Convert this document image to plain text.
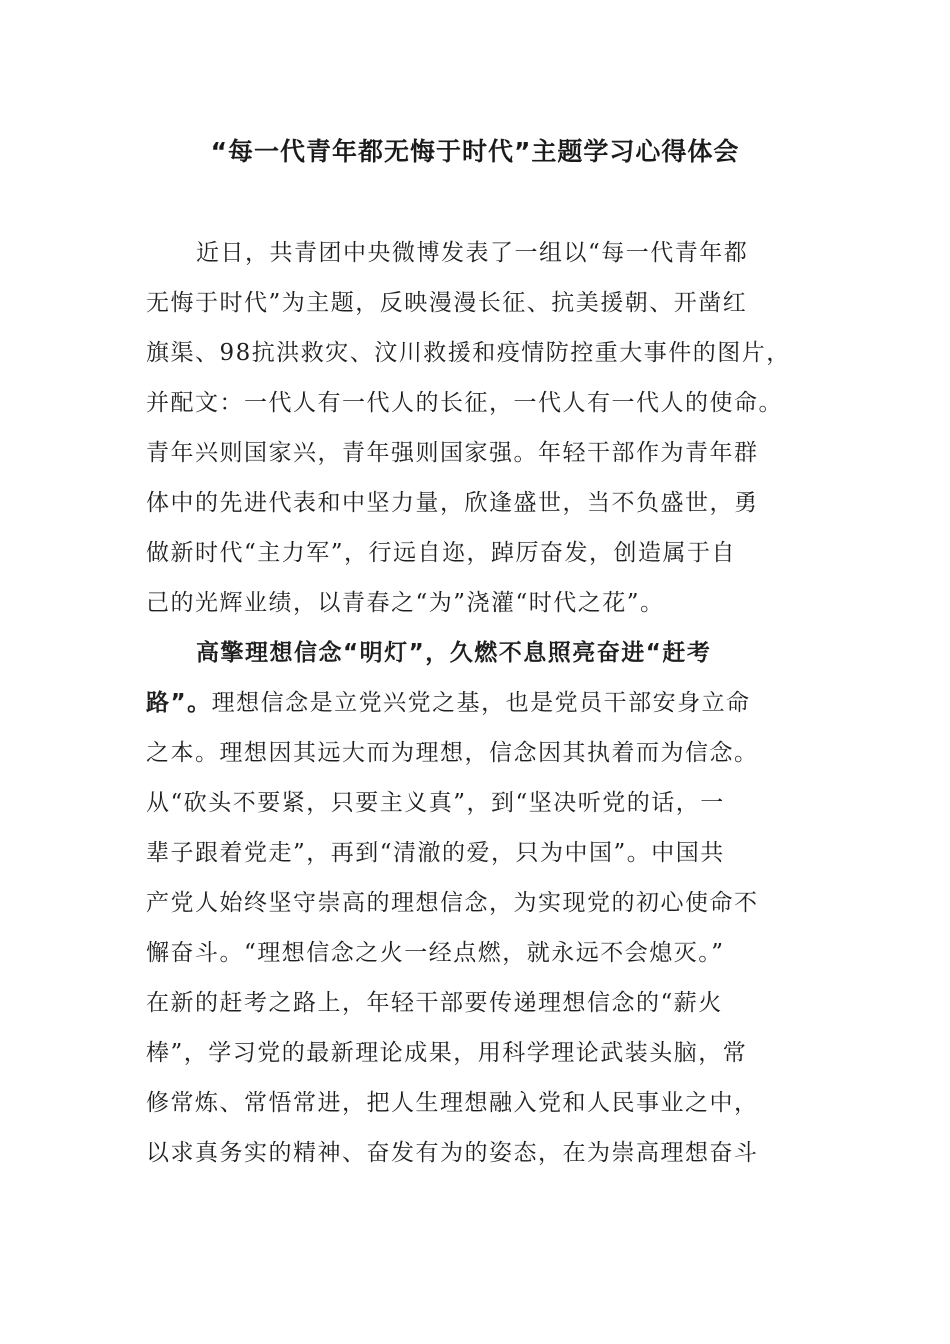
“每一代青年都无悔于时代”主题学习心得体会
近日，共青团中央微博发表了一组以“每一代青年都
无悔于时代”为主题，反映漫漫长征、抗美援朝、开凿红
旗渠、98抗洪救灾、汶川救援和疫情防控重大事件的图片，
并配文：一代人有一代人的长征，一代人有一代人的使命。
青年兴则国家兴，青年强则国家强。年轻干部作为青年群
体中的先进代表和中坚力量，欣逢盛世，当不负盛世，勇
做新时代“主力军”，行远自迩，踔厉奋发，创造属于自
己的光辉业绩，以青春之“为”浇灌“时代之花”。
高擎理想信念“明灯”，久燃不息照亮奋进“赶考
路”。理想信念是立党兴党之基，也是党员干部安身立命
之本。理想因其远大而为理想，信念因其执着而为信念。
从“砍头不要紧，只要主义真”，到“坚决听党的话，一
辈子跟着党走”，再到“清澈的爱，只为中国”。中国共
产党人始终坚守崇高的理想信念，为实现党的初心使命不
懈奋斗。“理想信念之火一经点燃，就永远不会熄灭。”
在新的赶考之路上，年轻干部要传递理想信念的“薪火
棒”，学习党的最新理论成果，用科学理论武装头脑，常
修常炼、常悟常进，把人生理想融入党和人民事业之中，
以求真务实的精神、奋发有为的姿态，在为崇高理想奋斗
